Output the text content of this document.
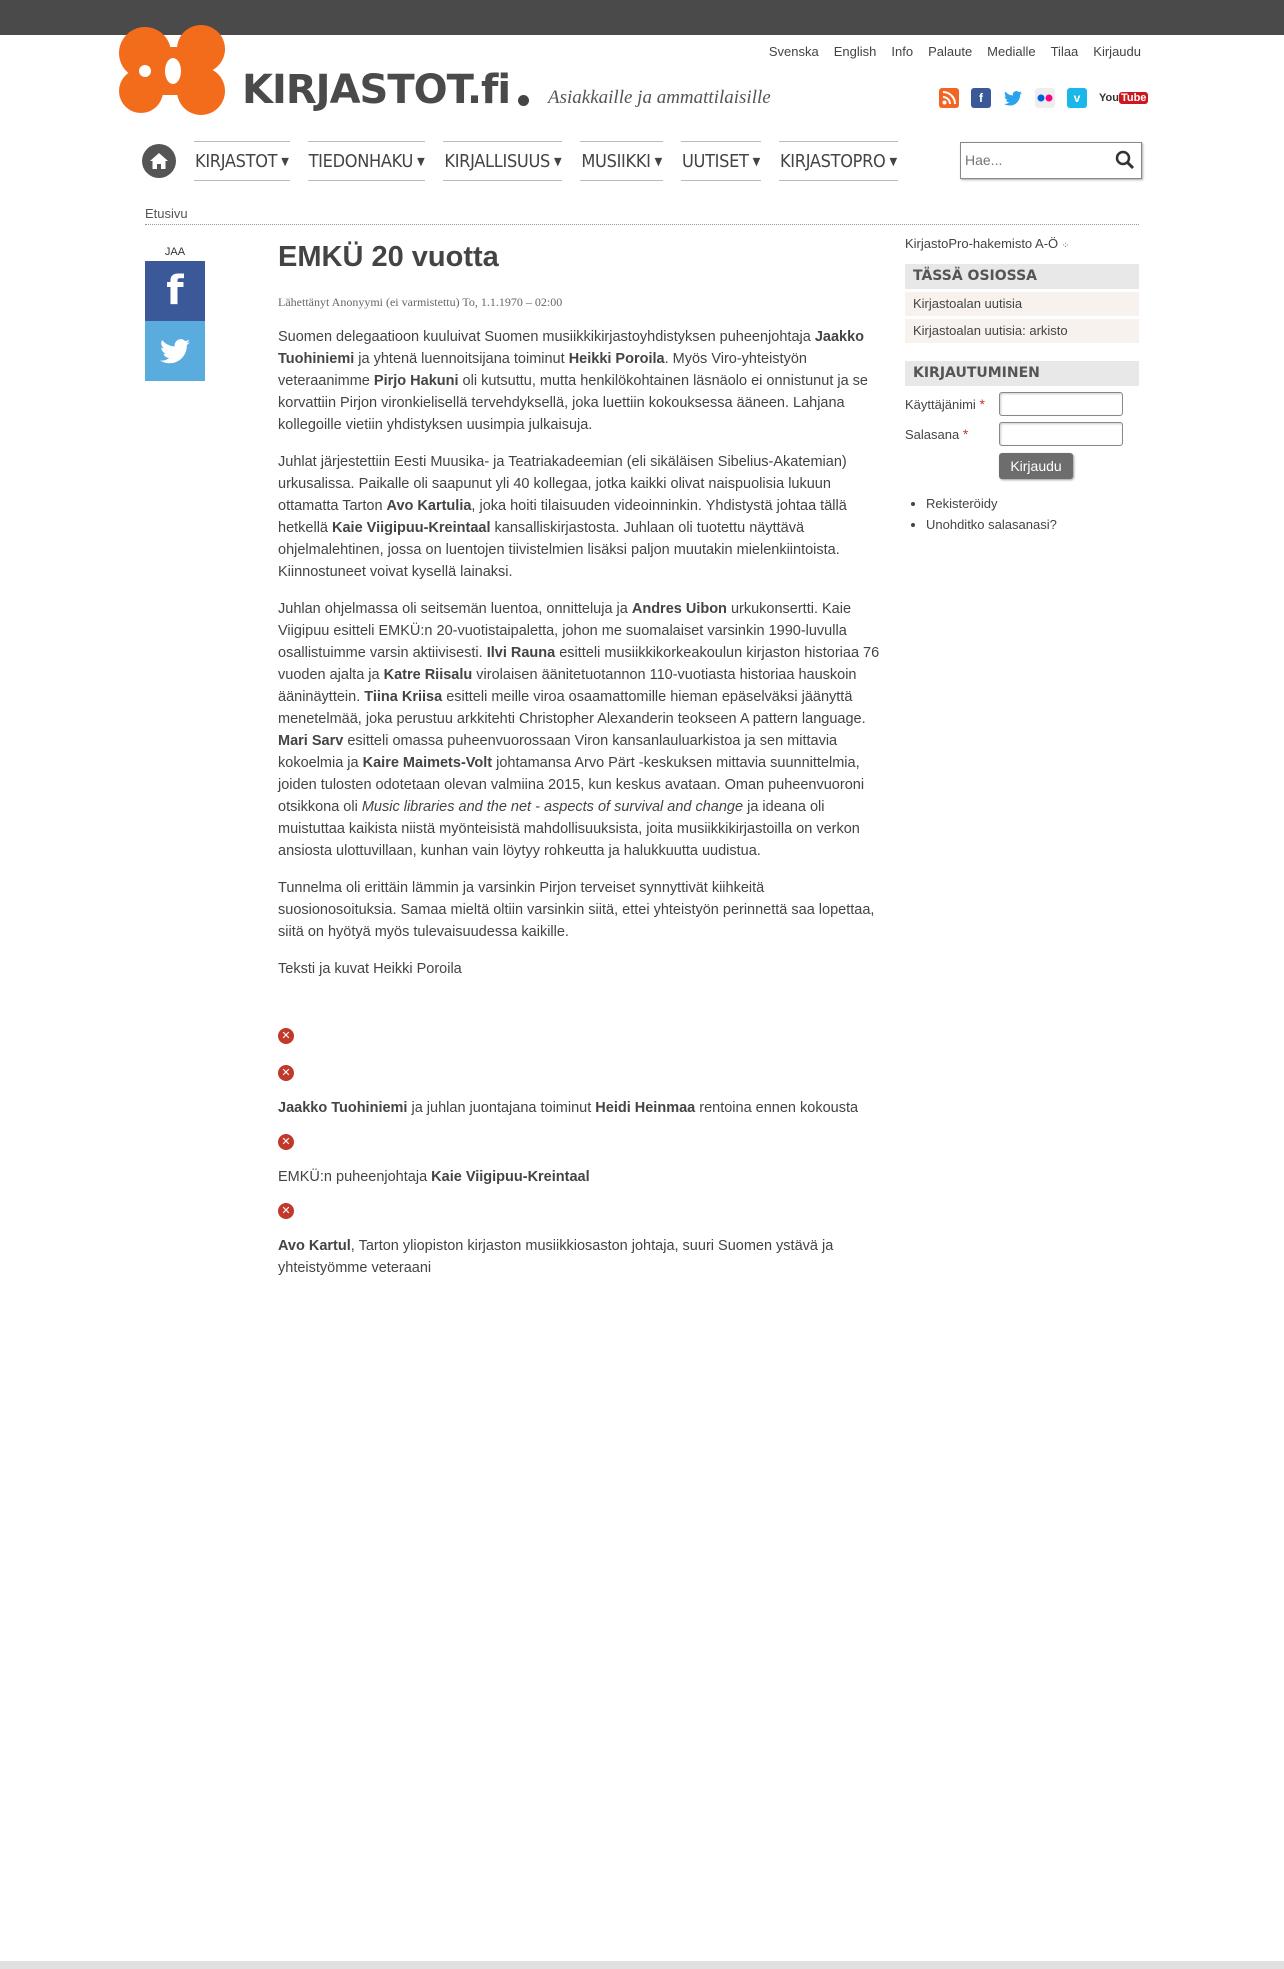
KIRJASTOT.fi Asiakkaille ja ammattilaisille
Svenska English Info Palaute Medialle Tilaa Kirjaudu
f	v	You Tube
KIRJASTOT ▼ TIEDONHAKU ▼ KIRJALLISUUS ▼ MUSIIKKI ▼ UUTISET ▼ KIRJASTOPRO ▼
Hae...
Etusivu
JAA
f
EMKÜ 20 vuotta
Lähettänyt Anonyymi (ei varmistettu) To, 1.1.1970 – 02:00

Suomen delegaatioon kuuluivat Suomen musiikkikirjastoyhdistyksen puheenjohtaja Jaakko Tuohiniemi ja yhtenä luennoitsijana toiminut Heikki Poroila. Myös Viro-yhteistyön veteraanimme Pirjo Hakuni oli kutsuttu, mutta henkilökohtainen läsnäolo ei onnistunut ja se korvattiin Pirjon vironkielisellä tervehdyksellä, joka luettiin kokouksessa ääneen. Lahjana kollegoille vietiin yhdistyksen uusimpia julkaisuja.

Juhlat järjestettiin Eesti Muusika- ja Teatriakadeemian (eli sikäläisen Sibelius-Akatemian) urkusalissa. Paikalle oli saapunut yli 40 kollegaa, jotka kaikki olivat naispuolisia lukuun ottamatta Tarton Avo Kartulia, joka hoiti tilaisuuden videoinninkin. Yhdistystä johtaa tällä hetkellä Kaie Viigipuu-Kreintaal kansalliskirjastosta. Juhlaan oli tuotettu näyttävä ohjelmalehtinen, jossa on luentojen tiivistelmien lisäksi paljon muutakin mielenkiintoista. Kiinnostuneet voivat kysellä lainaksi.

Juhlan ohjelmassa oli seitsemän luentoa, onnitteluja ja Andres Uibon urkukonsertti. Kaie Viigipuu esitteli EMKÜ:n 20-vuotistaipaletta, johon me suomalaiset varsinkin 1990-luvulla osallistuimme varsin aktiivisesti. Ilvi Rauna esitteli musiikkikorkeakoulun kirjaston historiaa 76 vuoden ajalta ja Katre Riisalu virolaisen äänitetuotannon 110-vuotiasta historiaa hauskoin ääninäyttein. Tiina Kriisa esitteli meille viroa osaamattomille hieman epäselväksi jäänyttä menetelmää, joka perustuu arkkitehti Christopher Alexanderin teokseen A pattern language. Mari Sarv esitteli omassa puheenvuorossaan Viron kansanlauluarkistoa ja sen mittavia kokoelmia ja Kaire Maimets-Volt johtamansa Arvo Pärt -keskuksen mittavia suunnittelmia, joiden tulosten odotetaan olevan valmiina 2015, kun keskus avataan. Oman puheenvuoroni otsikkona oli Music libraries and the net - aspects of survival and change ja ideana oli muistuttaa kaikista niistä myönteisistä mahdollisuuksista, joita musiikkikirjastoilla on verkon ansiosta ulottuvillaan, kunhan vain löytyy rohkeutta ja halukkuutta uudistua.

Tunnelma oli erittäin lämmin ja varsinkin Pirjon terveiset synnyttivät kiihkeitä suosionosoituksia. Samaa mieltä oltiin varsinkin siitä, ettei yhteistyön perinnettä saa lopettaa, siitä on hyötyä myös tulevaisuudessa kaikille.

Teksti ja kuvat Heikki Poroila

✕
✕

Jaakko Tuohiniemi ja juhlan juontajana toiminut Heidi Heinmaa rentoina ennen kokousta

✕

EMKÜ:n puheenjohtaja Kaie Viigipuu-Kreintaal

✕

Avo Kartul, Tarton yliopiston kirjaston musiikkiosaston johtaja, suuri Suomen ystävä ja yhteistyömme veteraani

KirjastoPro-hakemisto A-Ö ⁘
TÄSSÄ OSIOSSA
Kirjastoalan uutisia
Kirjastoalan uutisia: arkisto
KIRJAUTUMINEN
Käyttäjänimi *
Salasana *
Kirjaudu
• Rekisteröidy
• Unohditko salasanasi?
